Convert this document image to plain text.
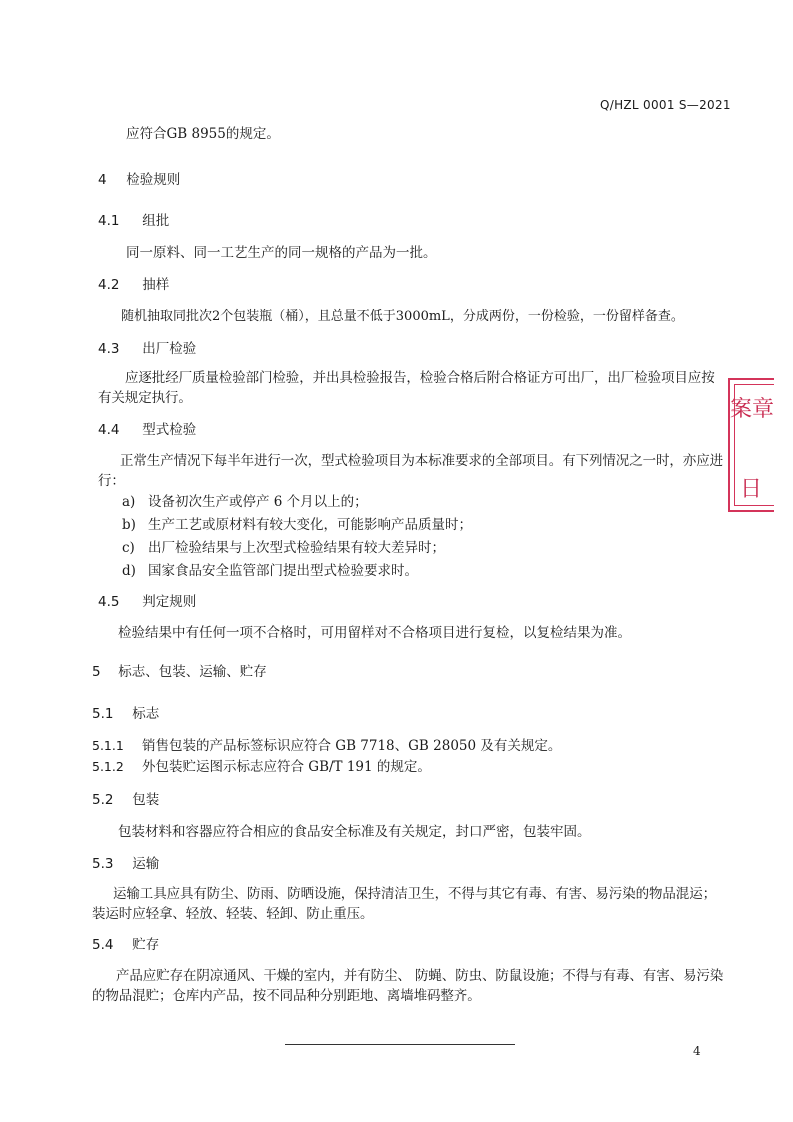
Q/HZL 0001 S—2021
应符合GB 8955的规定。
4 检验规则
4.1 组批
同一原料、同一工艺生产的同一规格的产品为一批。
4.2 抽样
随机抽取同批次2个包装瓶（桶），且总量不低于3000mL，分成两份，一份检验，一份留样备查。
4.3 出厂检验
应逐批经厂质量检验部门检验，并出具检验报告，检验合格后附合格证方可出厂，出厂检验项目应按有关规定执行。
4.4 型式检验
正常生产情况下每半年进行一次，型式检验项目为本标准要求的全部项目。有下列情况之一时，亦应进行：
a) 设备初次生产或停产 6 个月以上的；
b) 生产工艺或原材料有较大变化，可能影响产品质量时；
c) 出厂检验结果与上次型式检验结果有较大差异时；
d) 国家食品安全监管部门提出型式检验要求时。
4.5 判定规则
检验结果中有任何一项不合格时，可用留样对不合格项目进行复检，以复检结果为准。
5 标志、包装、运输、贮存
5.1 标志
5.1.1 销售包装的产品标签标识应符合 GB 7718、GB 28050 及有关规定。
5.1.2 外包装贮运图示标志应符合 GB/T 191 的规定。
5.2 包装
包装材料和容器应符合相应的食品安全标准及有关规定，封口严密，包装牢固。
5.3 运输
运输工具应具有防尘、防雨、防晒设施，保持清洁卫生，不得与其它有毒、有害、易污染的物品混运；装运时应轻拿、轻放、轻装、轻卸、防止重压。
5.4 贮存
产品应贮存在阴凉通风、干燥的室内，并有防尘、 防蝇、防虫、防鼠设施；不得与有毒、有害、易污染的物品混贮；仓库内产品，按不同品种分别距地、离墙堆码整齐。
案章
日
4
